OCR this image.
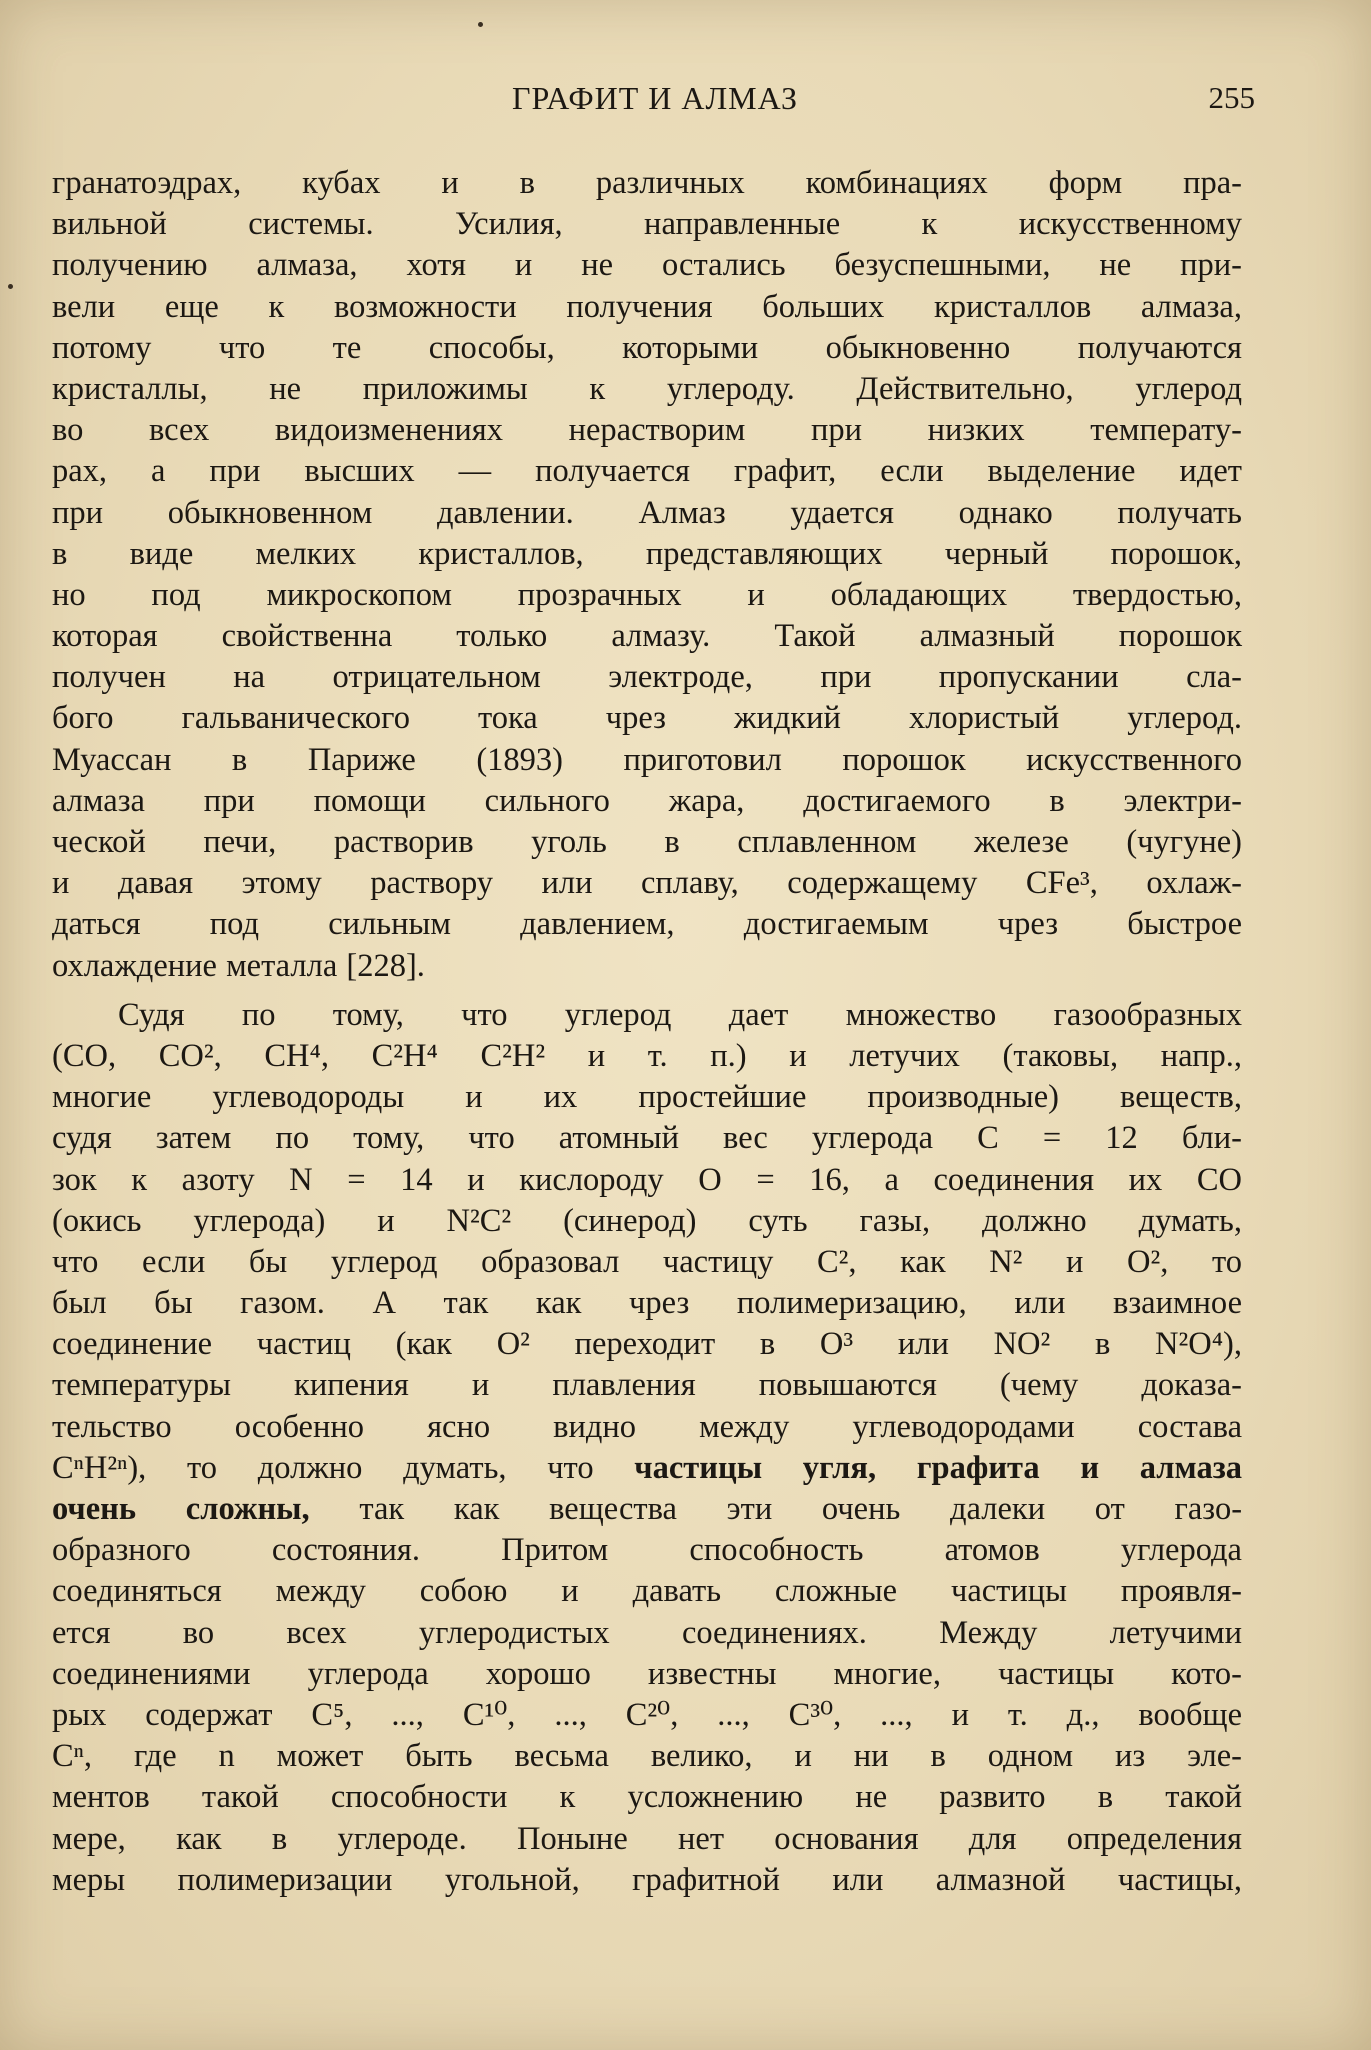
ГРАФИТ И АЛМАЗ	255
гранатоэдрах, кубах и в различных комбинациях форм пра-
вильной системы. Усилия, направленные к искусственному
получению алмаза, хотя и не остались безуспешными, не при-
вели еще к возможности получения больших кристаллов алмаза,
потому что те способы, которыми обыкновенно получаются
кристаллы, не приложимы к углероду. Действительно, углерод
во всех видоизменениях нерастворим при низких температу-
рах, а при высших — получается графит, если выделение идет
при обыкновенном давлении. Алмаз удается однако получать
в виде мелких кристаллов, представляющих черный порошок,
но под микроскопом прозрачных и обладающих твердостью,
которая свойственна только алмазу. Такой алмазный порошок
получен на отрицательном электроде, при пропускании сла-
бого гальванического тока чрез жидкий хлористый углерод.
Муассан в Париже (1893) приготовил порошок искусственного
алмаза при помощи сильного жара, достигаемого в электри-
ческой печи, растворив уголь в сплавленном железе (чугуне)
и давая этому раствору или сплаву, содержащему CFe³, охлаж-
даться под сильным давлением, достигаемым чрез быстрое
охлаждение металла [228].
Судя по тому, что углерод дает множество газообразных
(CO, CO², CH⁴, C²H⁴ C²H² и т. п.) и летучих (таковы, напр.,
многие углеводороды и их простейшие производные) веществ,
судя затем по тому, что атомный вес углерода C = 12 бли-
зок к азоту N = 14 и кислороду O = 16, а соединения их CO
(окись углерода) и N²C² (синерод) суть газы, должно думать,
что если бы углерод образовал частицу C², как N² и O², то
был бы газом. А так как чрез полимеризацию, или взаимное
соединение частиц (как O² переходит в O³ или NO² в N²O⁴),
температуры кипения и плавления повышаются (чему доказа-
тельство особенно ясно видно между углеводородами состава
CⁿH²ⁿ), то должно думать, что частицы угля, графита и алмаза
очень сложны, так как вещества эти очень далеки от газо-
образного состояния. Притом способность атомов углерода
соединяться между собою и давать сложные частицы проявля-
ется во всех углеродистых соединениях. Между летучими
соединениями углерода хорошо известны многие, частицы кото-
рых содержат C⁵, ..., C¹⁰, ..., C²⁰, ..., C³⁰, ..., и т. д., вообще
Cⁿ, где n может быть весьма велико, и ни в одном из эле-
ментов такой способности к усложнению не развито в такой
мере, как в углероде. Поныне нет основания для определения
меры полимеризации угольной, графитной или алмазной частицы,
